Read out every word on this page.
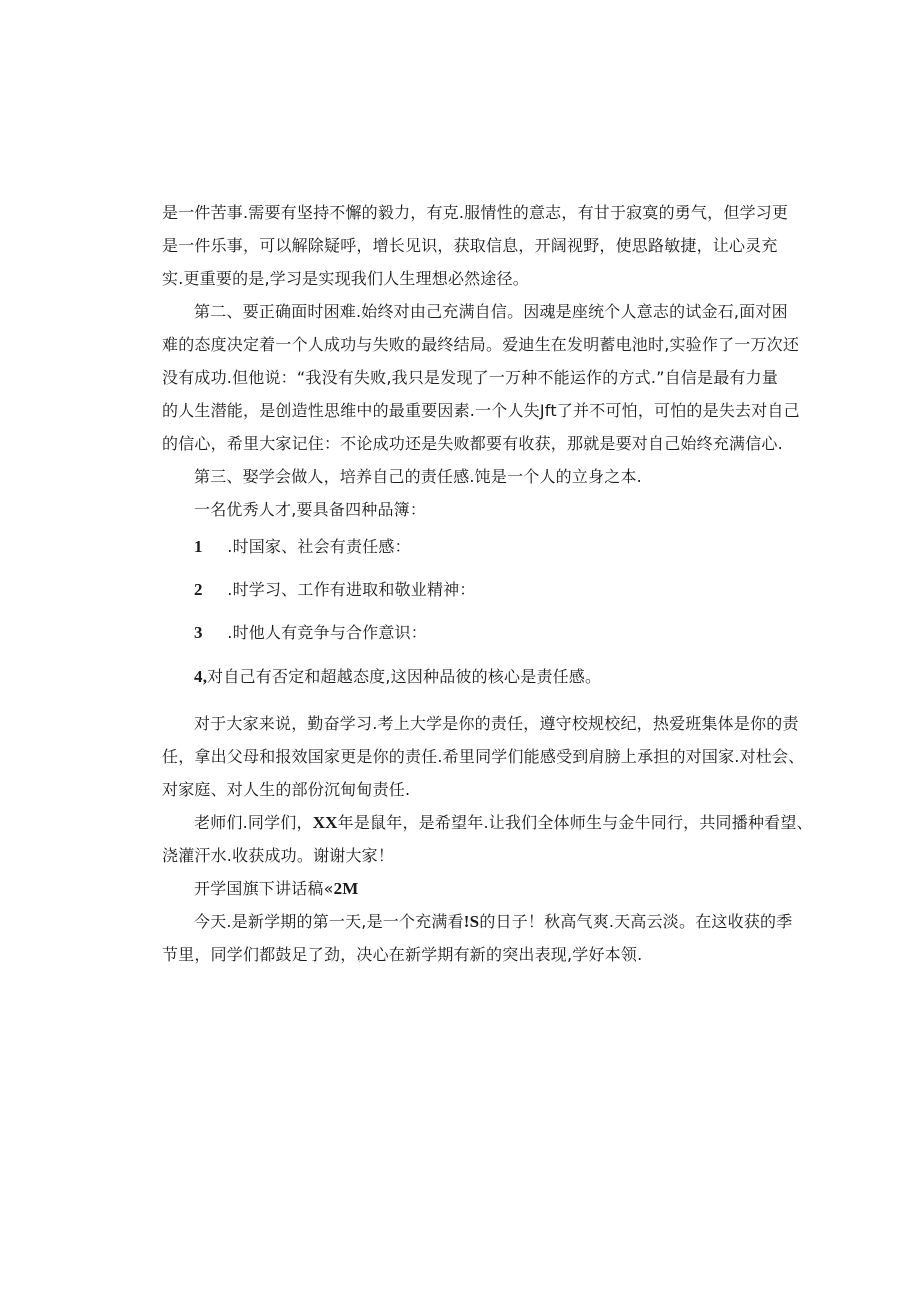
是一件苦事.需要有坚持不懈的毅力，有克.服情性的意志，有甘于寂寞的勇气，但学习更
是一件乐事，可以解除疑呼，增长见识，获取信息，开阔视野，使思路敏捷，让心灵充
实.更重要的是,学习是实现我们人生理想必然途径。
第二、要正确面时困难.始终对由己充满自信。因魂是座统个人意志的试金石,面对困
难的态度决定着一个人成功与失败的最终结局。爱迪生在发明蓄电池时,实验作了一万次还
没有成功.但他说：“我没有失败,我只是发现了一万种不能运作的方式.”自信是最有力量
的人生潜能，是创造性思维中的最重要因素.一个人失Jft了并不可怕，可怕的是失去对自己
的信心，希里大家记住：不论成功还是失败都要有收获，那就是要对自己始终充满信心.
第三、娶学会做人，培养自己的责任感.饨是一个人的立身之本.
一名优秀人才,要具备四种品簿：
1 .时国家、社会有责任感：
2 .时学习、工作有进取和敬业精神：
3 .时他人有竞争与合作意识：
4,对自己有否定和超越态度,这因种品彼的核心是责任感。
对于大家来说，勤奋学习.考上大学是你的责任，遵守校规校纪，热爱班集体是你的责
任，拿出父母和报效国家更是你的责任.希里同学们能感受到肩膀上承担的对国家.对杜会、
对家庭、对人生的部份沉甸甸责任.
老师们.同学们，XX年是鼠年，是希望年.让我们全体师生与金牛同行，共同播种看望、
浇灌汗水.收获成功。谢谢大家！
开学国旗下讲话稿«2M
今天.是新学期的第一天,是一个充满看!S的日子！秋高气爽.天高云淡。在这收获的季
节里，同学们都鼓足了劲，决心在新学期有新的突出表现,学好本领.
